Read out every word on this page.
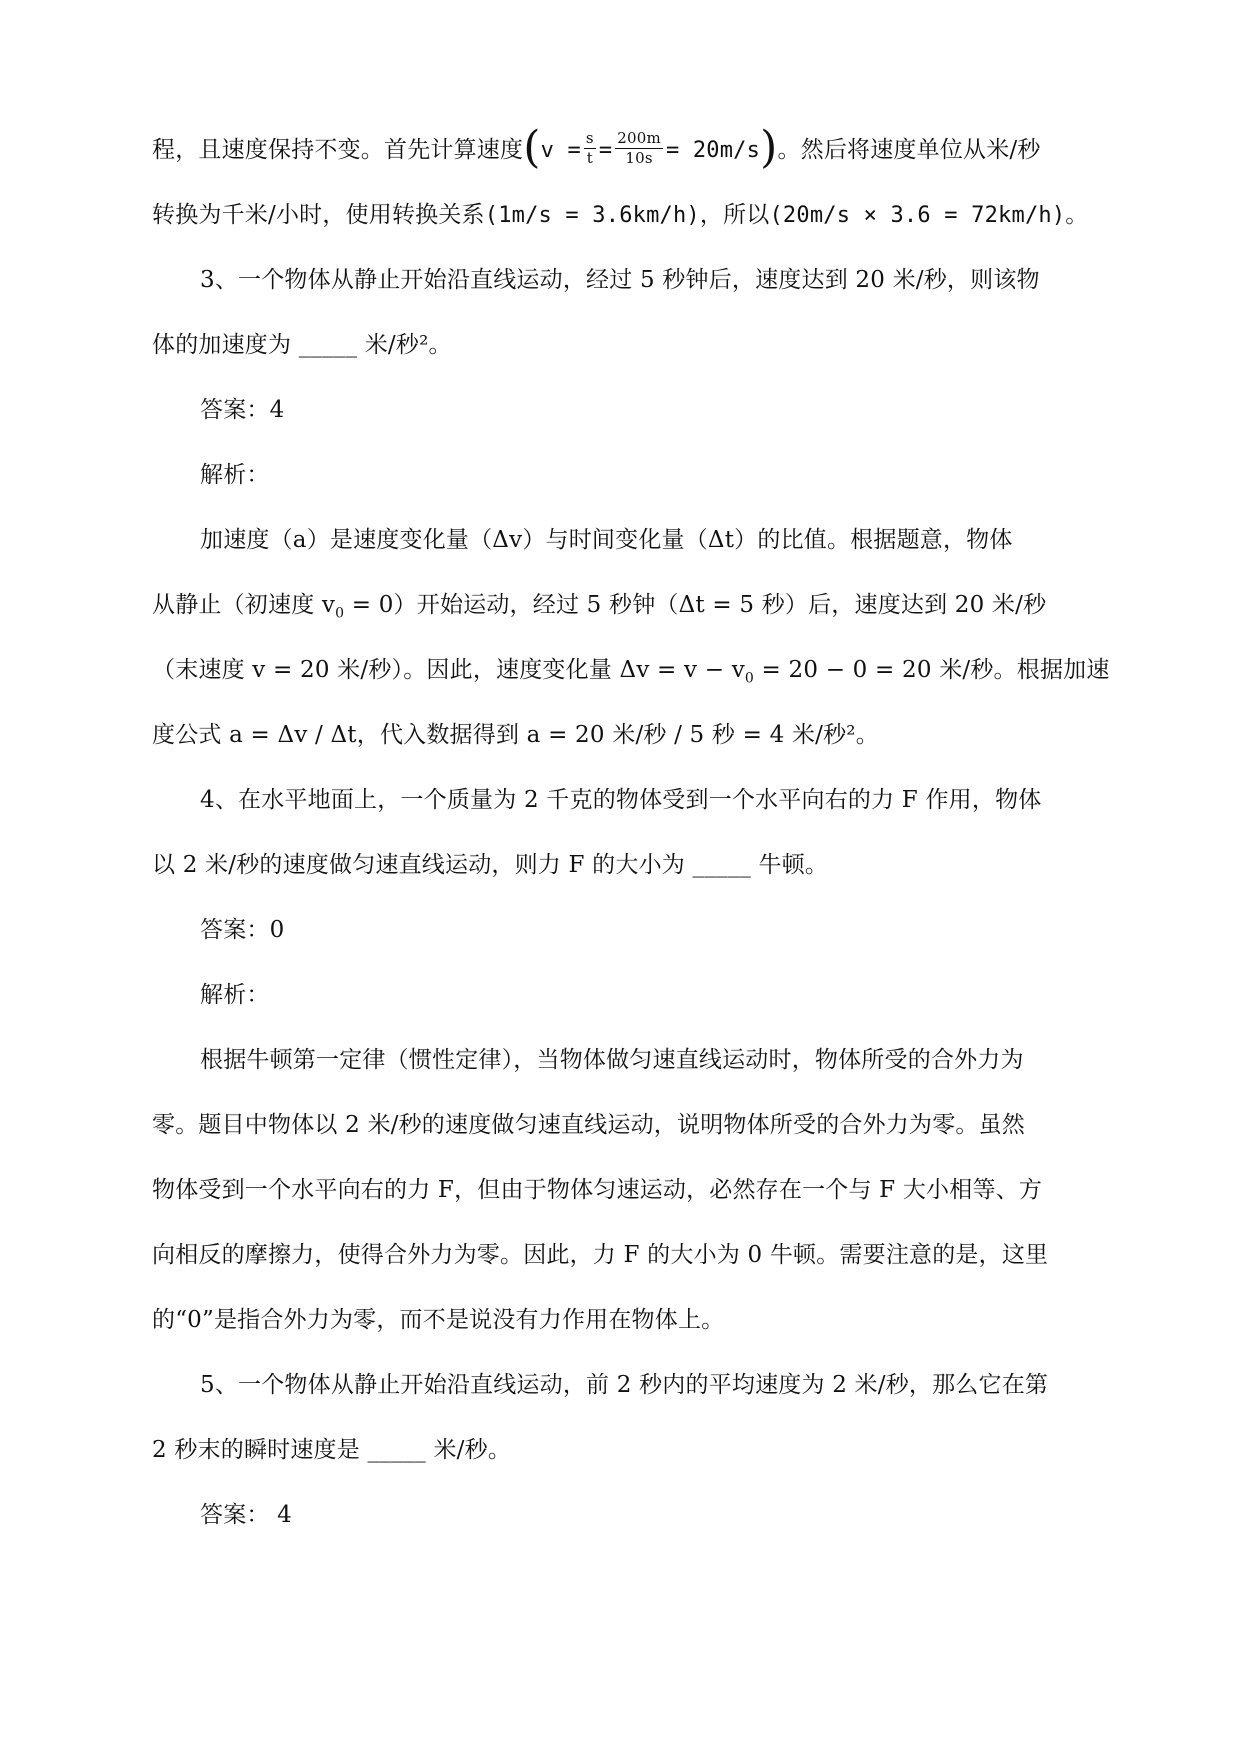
程，且速度保持不变。首先计算速度$(v = \frac{s}{t} = \frac{200m}{10s} = 20m/s)$。然后将速度单位从米/秒
转换为千米/小时，使用转换关系(1m/s = 3.6km/h)，所以(20m/s × 3.6 = 72km/h)。
3、一个物体从静止开始沿直线运动，经过 5 秒钟后，速度达到 20 米/秒，则该物
体的加速度为 _____ 米/秒²。
答案：4
解析：
加速度（a）是速度变化量（Δv）与时间变化量（Δt）的比值。根据题意，物体
从静止（初速度 $v_0 = 0$）开始运动，经过 5 秒钟（Δt = 5 秒）后，速度达到 20 米/秒
（末速度 v = 20 米/秒）。因此，速度变化量 $\Delta v = v - v_0 = 20 - 0 = 20$ 米/秒。根据加速
度公式 a = Δv / Δt，代入数据得到 a = 20 米/秒 / 5 秒 = 4 米/秒²。
4、在水平地面上，一个质量为 2 千克的物体受到一个水平向右的力 F 作用，物体
以 2 米/秒的速度做匀速直线运动，则力 F 的大小为 _____ 牛顿。
答案：0
解析：
根据牛顿第一定律（惯性定律），当物体做匀速直线运动时，物体所受的合外力为
零。题目中物体以 2 米/秒的速度做匀速直线运动，说明物体所受的合外力为零。虽然
物体受到一个水平向右的力 F，但由于物体匀速运动，必然存在一个与 F 大小相等、方
向相反的摩擦力，使得合外力为零。因此，力 F 的大小为 0 牛顿。需要注意的是，这里
的“0”是指合外力为零，而不是说没有力作用在物体上。
5、一个物体从静止开始沿直线运动，前 2 秒内的平均速度为 2 米/秒，那么它在第
2 秒末的瞬时速度是 _____ 米/秒。
答案： 4
